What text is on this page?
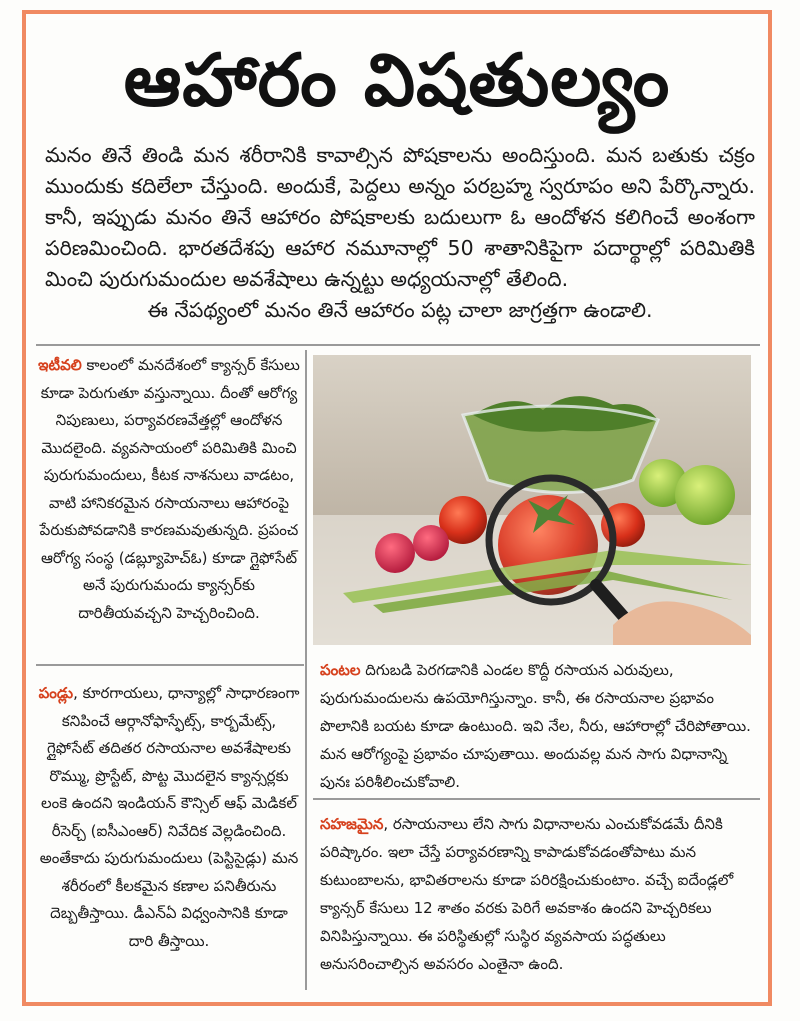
ఆహారం విషతుల్యం
మనం తినే తిండి మన శరీరానికి కావాల్సిన పోషకాలను అందిస్తుంది. మన బతుకు చక్రం ముందుకు కదిలేలా చేస్తుంది. అందుకే, పెద్దలు అన్నం పరబ్రహ్మ స్వరూపం అని పేర్కొన్నారు. కానీ, ఇప్పుడు మనం తినే ఆహారం పోషకాలకు బదులుగా ఓ ఆందోళన కలిగించే అంశంగా పరిణమించింది. భారతదేశపు ఆహార నమూనాల్లో 50 శాతానికిపైగా పదార్థాల్లో పరిమితికి మించి పురుగుమందుల అవశేషాలు ఉన్నట్టు అధ్యయనాల్లో తేలింది.
ఈ నేపథ్యంలో మనం తినే ఆహారం పట్ల చాలా జాగ్రత్తగా ఉండాలి.
ఇటీవలి కాలంలో మనదేశంలో క్యాన్సర్ కేసులు కూడా పెరుగుతూ వస్తున్నాయి. దీంతో ఆరోగ్య నిపుణులు, పర్యావరణవేత్తల్లో ఆందోళన మొదలైంది. వ్యవసాయంలో పరిమితికి మించి పురుగుమందులు, కీటక నాశనులు వాడటం, వాటి హానికరమైన రసాయనాలు ఆహారంపై పేరుకుపోవడానికి కారణమవుతున్నది. ప్రపంచ ఆరోగ్య సంస్థ (డబ్ల్యూహెచ్ఓ) కూడా గ్లైఫోసేట్ అనే పురుగుమందు క్యాన్సర్‌కు దారితీయవచ్చని హెచ్చరించింది.
పండ్లు, కూరగాయలు, ధాన్యాల్లో సాధారణంగా కనిపించే ఆర్గానోఫాస్ఫేట్స్, కార్బమేట్స్, గ్లైఫోసేట్ తదితర రసాయనాల అవశేషాలకు రొమ్ము, ప్రొస్టేట్, పొట్ట మొదలైన క్యాన్సర్లకు లంకె ఉందని ఇండియన్ కౌన్సిల్ ఆఫ్ మెడికల్ రీసెర్చ్ (ఐసీఎంఆర్) నివేదిక వెల్లడించింది. అంతేకాదు పురుగుమందులు (పెస్టిసైడ్లు) మన శరీరంలో కీలకమైన కణాల పనితీరును దెబ్బతీస్తాయి. డీఎన్ఏ విధ్వంసానికి కూడా దారి తీస్తాయి.
పంటల దిగుబడి పెరగడానికి ఎండల కొద్దీ రసాయన ఎరువులు, పురుగుమందులను ఉపయోగిస్తున్నాం. కానీ, ఈ రసాయనాల ప్రభావం పొలానికి బయట కూడా ఉంటుంది. ఇవి నేల, నీరు, ఆహారాల్లో చేరిపోతాయి. మన ఆరోగ్యంపై ప్రభావం చూపుతాయి. అందువల్ల మన సాగు విధానాన్ని పునః పరిశీలించుకోవాలి.
సహజమైన, రసాయనాలు లేని సాగు విధానాలను ఎంచుకోవడమే దీనికి పరిష్కారం. ఇలా చేస్తే పర్యావరణాన్ని కాపాడుకోవడంతోపాటు మన కుటుంబాలను, భావితరాలను కూడా పరిరక్షించుకుంటాం. వచ్చే ఐదేండ్లలో క్యాన్సర్ కేసులు 12 శాతం వరకు పెరిగే అవకాశం ఉందని హెచ్చరికలు వినిపిస్తున్నాయి. ఈ పరిస్థితుల్లో సుస్థిర వ్యవసాయ పద్ధతులు అనుసరించాల్సిన అవసరం ఎంతైనా ఉంది.
